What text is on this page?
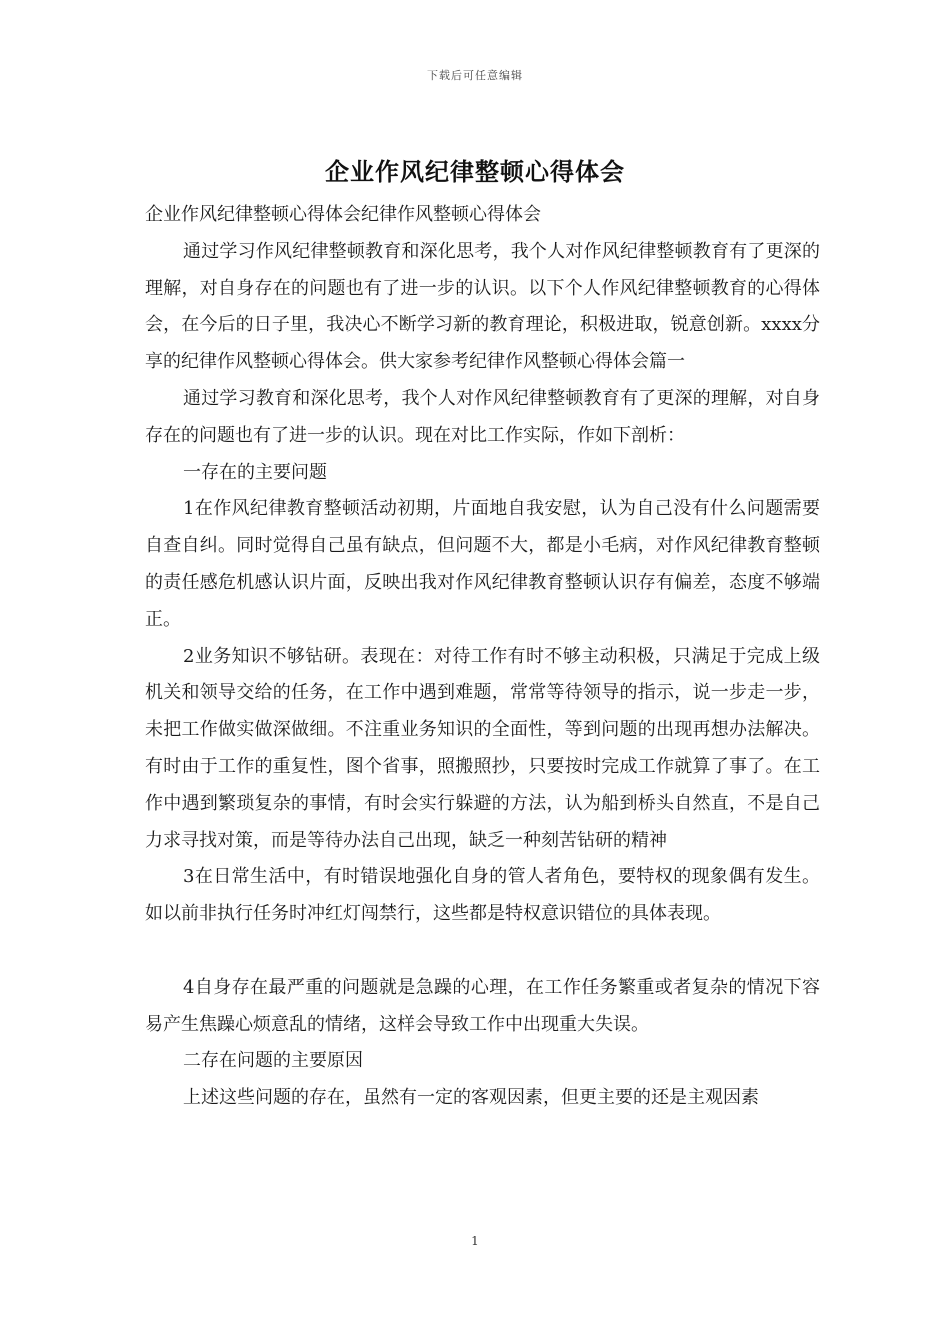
下载后可任意编辑
企业作风纪律整顿心得体会

企业作风纪律整顿心得体会纪律作风整顿心得体会

通过学习作风纪律整顿教育和深化思考，我个人对作风纪律整顿教育有了更深的理解，对自身存在的问题也有了进一步的认识。以下个人作风纪律整顿教育的心得体会，在今后的日子里，我决心不断学习新的教育理论，积极进取，锐意创新。xxxx分享的纪律作风整顿心得体会。供大家参考纪律作风整顿心得体会篇一

通过学习教育和深化思考，我个人对作风纪律整顿教育有了更深的理解，对自身存在的问题也有了进一步的认识。现在对比工作实际，作如下剖析：

一存在的主要问题

1在作风纪律教育整顿活动初期，片面地自我安慰，认为自己没有什么问题需要自查自纠。同时觉得自己虽有缺点，但问题不大，都是小毛病，对作风纪律教育整顿的责任感危机感认识片面，反映出我对作风纪律教育整顿认识存有偏差，态度不够端正。

2业务知识不够钻研。表现在：对待工作有时不够主动积极，只满足于完成上级机关和领导交给的任务，在工作中遇到难题，常常等待领导的指示，说一步走一步，未把工作做实做深做细。不注重业务知识的全面性，等到问题的出现再想办法解决。有时由于工作的重复性，图个省事，照搬照抄，只要按时完成工作就算了事了。在工作中遇到繁琐复杂的事情，有时会实行躲避的方法，认为船到桥头自然直，不是自己力求寻找对策，而是等待办法自己出现，缺乏一种刻苦钻研的精神

3在日常生活中，有时错误地强化自身的管人者角色，要特权的现象偶有发生。如以前非执行任务时冲红灯闯禁行，这些都是特权意识错位的具体表现。

4自身存在最严重的问题就是急躁的心理，在工作任务繁重或者复杂的情况下容易产生焦躁心烦意乱的情绪，这样会导致工作中出现重大失误。

二存在问题的主要原因

上述这些问题的存在，虽然有一定的客观因素，但更主要的还是主观因素

1
